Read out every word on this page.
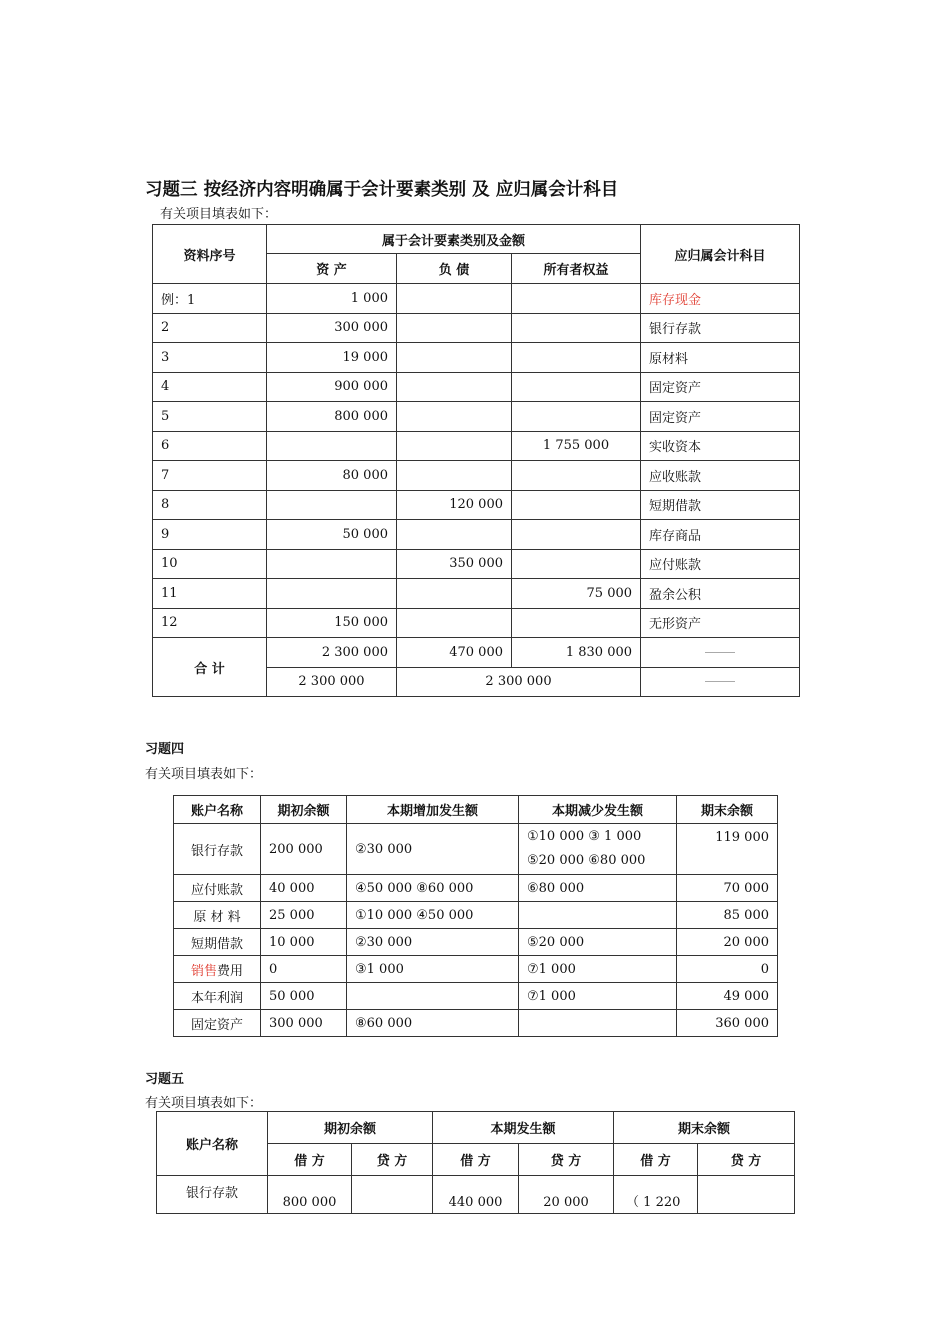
习题三 按经济内容明确属于会计要素类别 及 应归属会计科目
有关项目填表如下：
资料序号	属于会计要素类别及金额			应归属会计科目
	资 产	负 债	所有者权益	
例：1	1 000			库存现金
2	300 000			银行存款
3	19 000			原材料
4	900 000			固定资产
5	800 000			固定资产
6			1 755 000	实收资本
7	80 000			应收账款
8		120 000		短期借款
9	50 000			库存商品
10		350 000		应付账款
11			75 000	盈余公积
12	150 000			无形资产
合 计	2 300 000	470 000	1 830 000	
	2 300 000	2 300 000		
习题四
有关项目填表如下：
账户名称	期初余额	本期增加发生额	本期减少发生额	期末余额
银行存款	200 000	②30 000	①10 000 ③ 1 000
⑤20 000 ⑥80 000	119 000
应付账款	40 000	④50 000 ⑧60 000	⑥80 000	70 000
原 材 料	25 000	①10 000 ④50 000		85 000
短期借款	10 000	②30 000	⑤20 000	20 000
销售费用	0	③1 000	⑦1 000	0
本年利润	50 000		⑦1 000	49 000
固定资产	300 000	⑧60 000		360 000
习题五
有关项目填表如下：
账户名称	期初余额		本期发生额		期末余额	
	借 方	贷 方	借 方	贷 方	借 方	贷 方
银行存款	800 000		440 000	20 000	（ 1 220	
